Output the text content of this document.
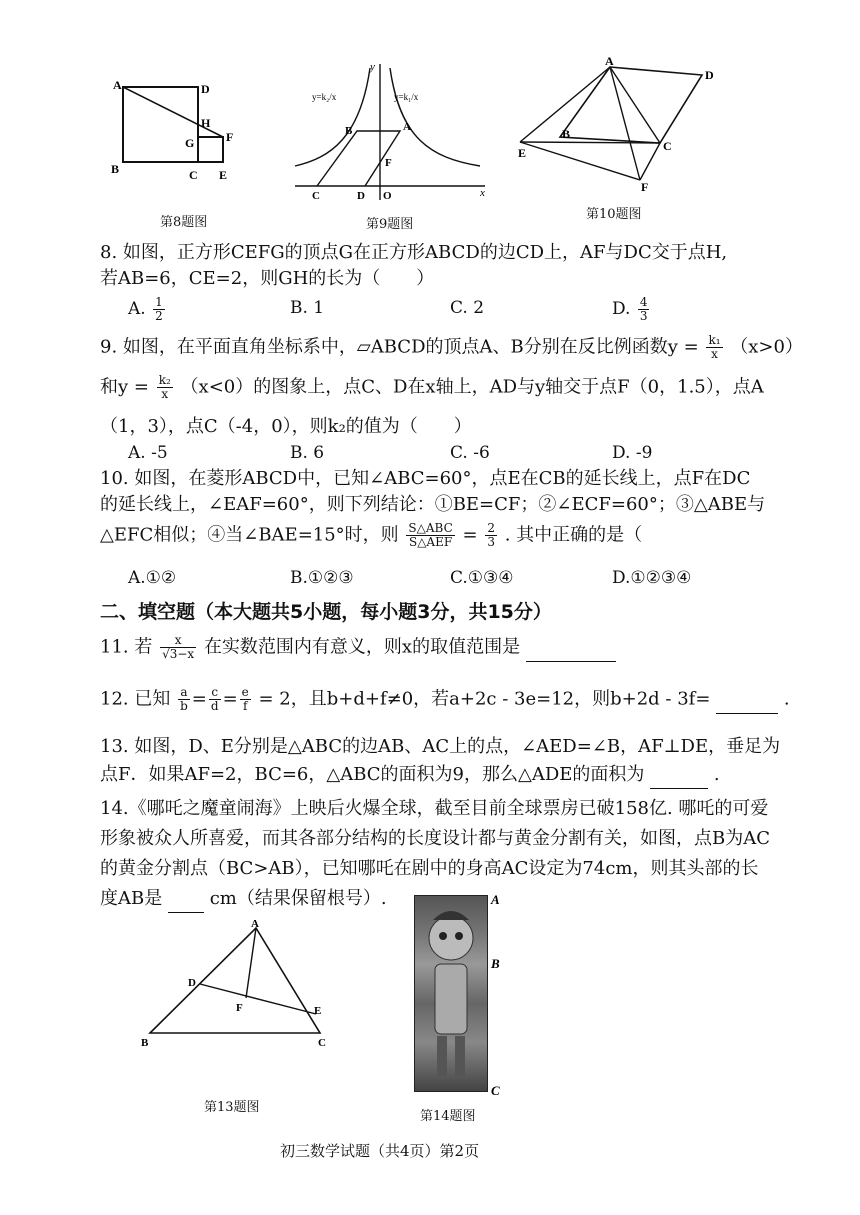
A	D
H
G	F
B	C E
第8题图
y
x
B	A
F
C	D O
y=k₂/x	y=k₁/x
第9题图
A
D
B
E	C
F
第10题图
8. 如图，正方形CEFG的顶点G在正方形ABCD的边CD上，AF与DC交于点H,
若AB=6，CE=2，则GH的长为（　　）
A. $\frac{1}{2}$	B. 1	C. 2	D. $\frac{4}{3}$
9. 如图，在平面直角坐标系中，▱ABCD的顶点A、B分别在反比例函数$y = \frac{\text{k₁}}{x} (x>0)$
和$y = \frac{\text{k₂}}{x} (x<0)$的图象上，点C、D在x轴上，AD与y轴交于点F（0，1.5），点A
（1，3），点C（-4，0），则k₂的值为（　　）
A. -5	B. 6	C. -6	D. -9
10. 如图，在菱形ABCD中，已知∠ABC=60°，点E在CB的延长线上，点F在DC
的延长线上，∠EAF=60°，则下列结论：①BE=CF；②∠ECF=60°；③△ABE与
△EFC相似；④当∠BAE=15°时，则 $\frac{\text{S△ABC}}{\text{S△AEF}} = \frac{2}{3}$ . 其中正确的是（
A.①②	B.①②③	C.①③④	D.①②③④
二、填空题（本大题共5小题，每小题3分，共15分）
11. 若 $\frac{x}{√3-x}$ 在实数范围内有意义，则x的取值范围是
12. 已知 $\frac{a}{b} = \frac{c}{d} = \frac{e}{f} = 2$，且b+d+f≠0，若a+2c - 3e=12，则b+2d - 3f=	.
13. 如图，D、E分别是△ABC的边AB、AC上的点，∠AED=∠B，AF⊥DE，垂足为
点F．如果AF=2，BC=6，△ABC的面积为9，那么△ADE的面积为	.
14.《哪吒之魔童闹海》上映后火爆全球，截至目前全球票房已破158亿. 哪吒的可爱
形象被众人所喜爱，而其各部分结构的长度设计都与黄金分割有关，如图，点B为AC
的黄金分割点（BC>AB），已知哪吒在剧中的身高AC设定为74cm，则其头部的长
度AB是	cm（结果保留根号）.
A
D
F	E
B	C
第13题图
A
B
C
第14题图
初三数学试题（共4页）第2页
